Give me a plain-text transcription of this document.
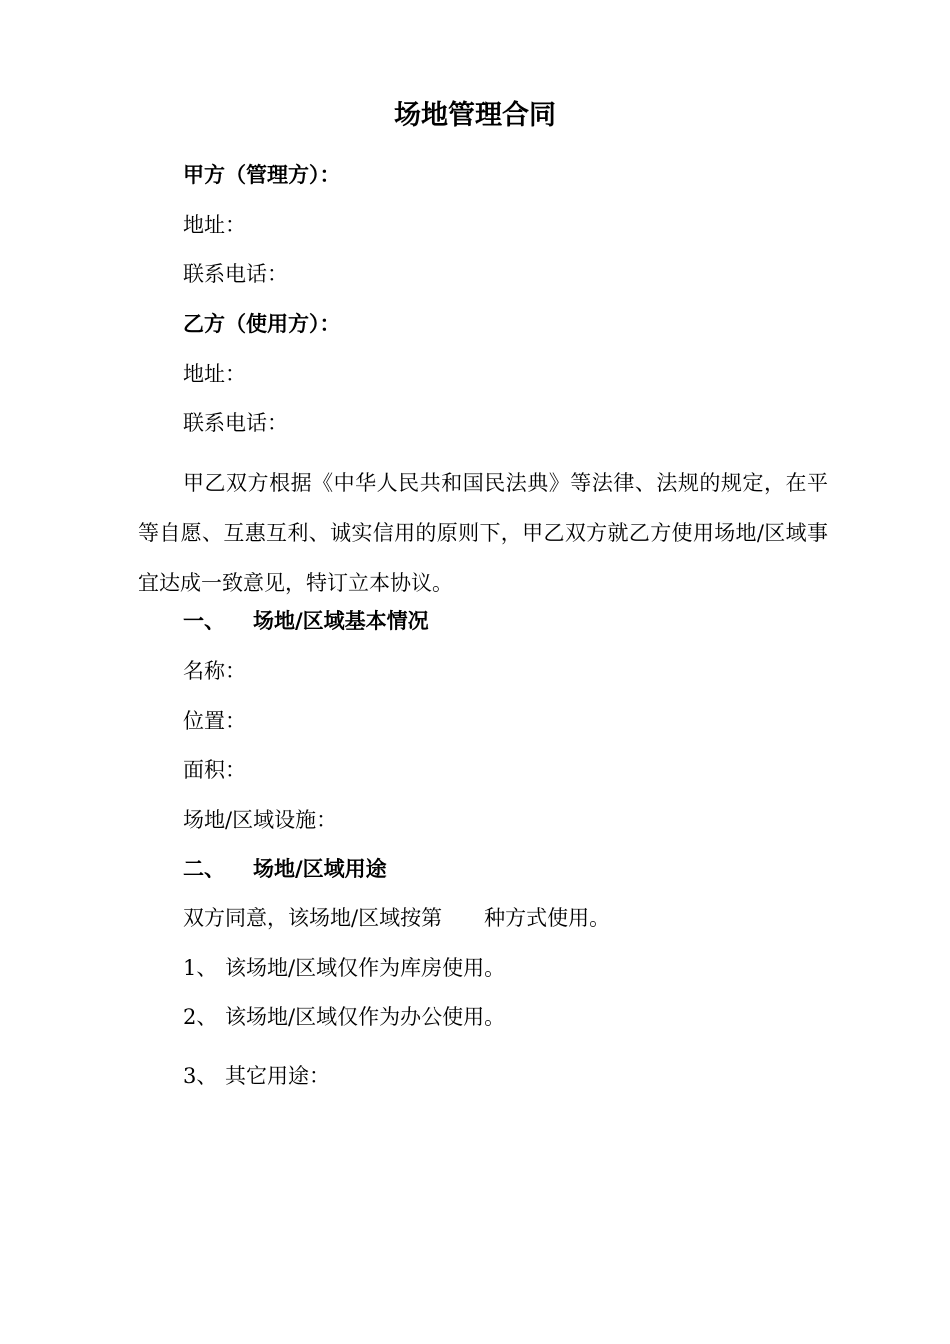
场地管理合同
甲方（管理方）：
地址：
联系电话：
乙方（使用方）：
地址：
联系电话：
甲乙双方根据《中华人民共和国民法典》等法律、法规的规定，在平等自愿、互惠互利、诚实信用的原则下，甲乙双方就乙方使用场地/区域事宜达成一致意见，特订立本协议。
一、 场地/区域基本情况
名称：
位置：
面积：
场地/区域设施：
二、 场地/区域用途
双方同意，该场地/区域按第 种方式使用。
1、 该场地/区域仅作为库房使用。
2、 该场地/区域仅作为办公使用。
3、 其它用途：
